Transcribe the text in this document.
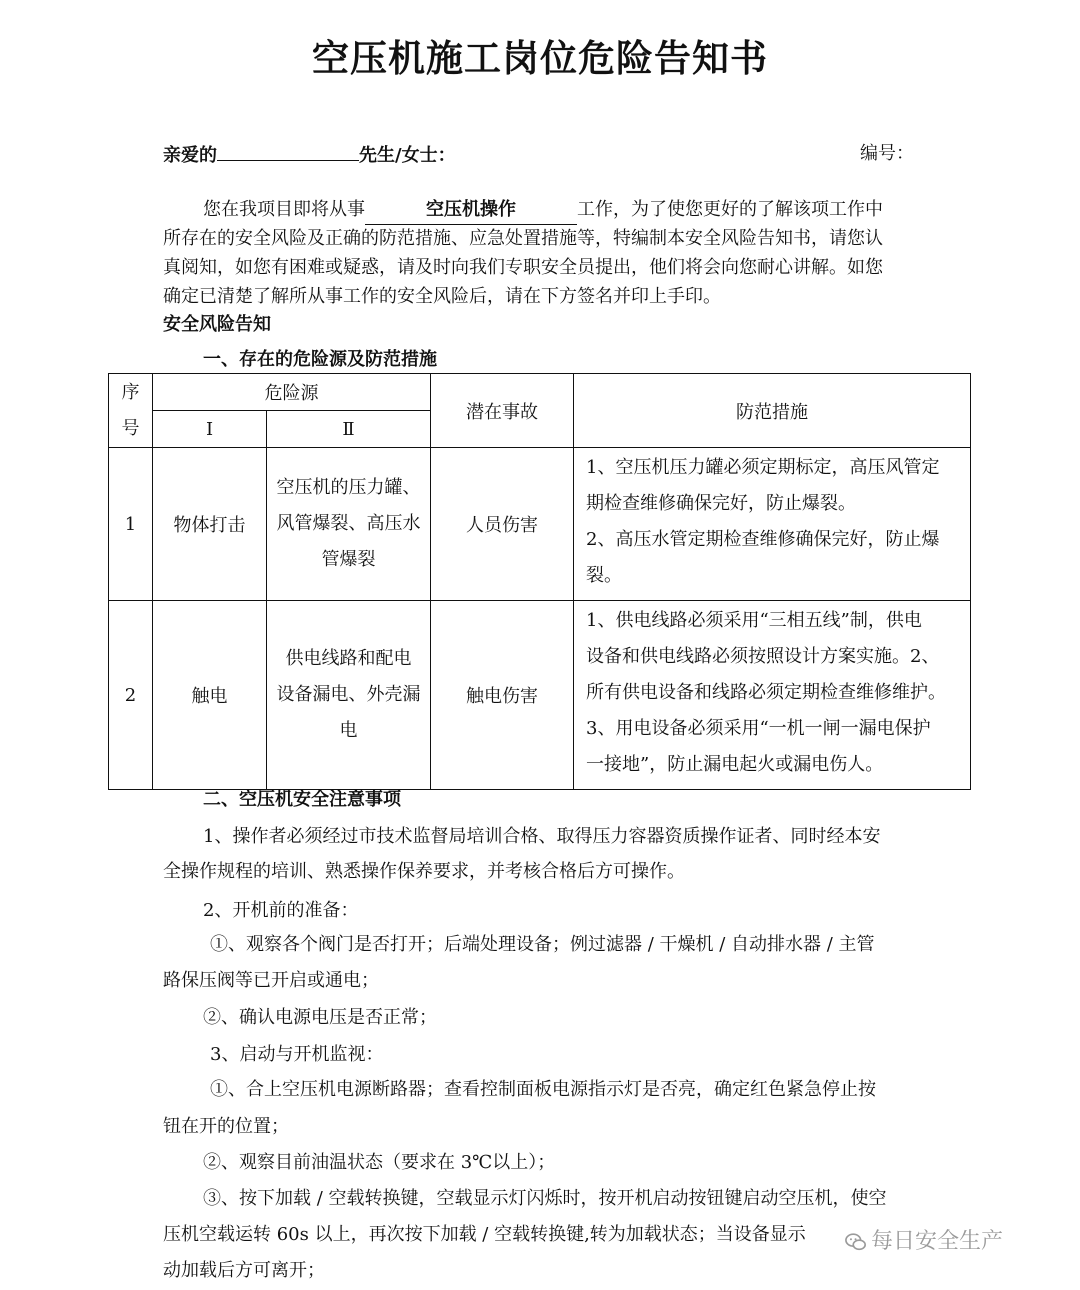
空压机施工岗位危险告知书
亲爱的	先生/女士：	编号：
您在我项目即将从事	空压机操作	工作，为了使您更好的了解该项工作中
所存在的安全风险及正确的防范措施、应急处置措施等，特编制本安全风险告知书，请您认
真阅知，如您有困难或疑惑，请及时向我们专职安全员提出，他们将会向您耐心讲解。如您
确定已清楚了解所从事工作的安全风险后，请在下方签名并印上手印。
安全风险告知
一、存在的危险源及防范措施
序
号	危险源		潜在事故	防范措施
	Ⅰ	Ⅱ		
1	物体打击	空压机的压力罐、
风管爆裂、高压水
管爆裂	人员伤害	1、空压机压力罐必须定期标定，高压风管定
期检查维修确保完好，防止爆裂。
2、高压水管定期检查维修确保完好，防止爆
裂。

2	触电	供电线路和配电
设备漏电、外壳漏
电	触电伤害	1、供电线路必须采用“三相五线”制，供电
设备和供电线路必须按照设计方案实施。2、
所有供电设备和线路必须定期检查维修维护。
3、用电设备必须采用“一机一闸一漏电保护
一接地”，防止漏电起火或漏电伤人。
二、空压机安全注意事项
1、操作者必须经过市技术监督局培训合格、取得压力容器资质操作证者、同时经本安
全操作规程的培训、熟悉操作保养要求，并考核合格后方可操作。
2、开机前的准备：
①、观察各个阀门是否打开；后端处理设备；例过滤器 / 干燥机 / 自动排水器 / 主管
路保压阀等已开启或通电；
②、确认电源电压是否正常；
3、启动与开机监视：
①、合上空压机电源断路器；查看控制面板电源指示灯是否亮，确定红色紧急停止按
钮在开的位置；
②、观察目前油温状态（要求在 3℃以上）；
③、按下加载 / 空载转换键，空载显示灯闪烁时，按开机启动按钮键启动空压机，使空
压机空载运转 60s 以上，再次按下加载 / 空载转换键,转为加载状态；当设备显示
动加载后方可离开；
每日安全生产
